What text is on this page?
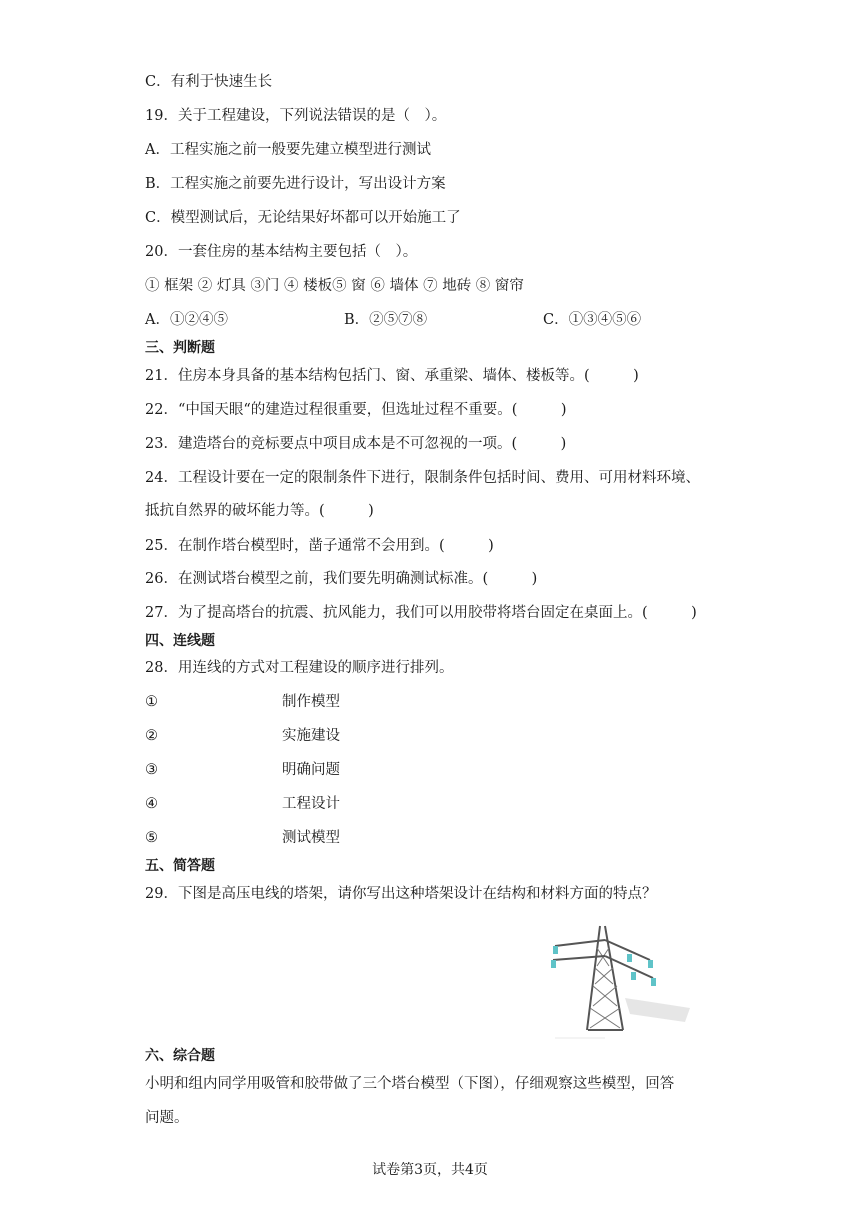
C．有利于快速生长
19．关于工程建设，下列说法错误的是（　）。
A．工程实施之前一般要先建立模型进行测试
B．工程实施之前要先进行设计，写出设计方案
C．模型测试后，无论结果好坏都可以开始施工了
20．一套住房的基本结构主要包括（　）。
① 框架 ② 灯具 ③门 ④ 楼板⑤ 窗 ⑥ 墙体 ⑦ 地砖 ⑧ 窗帘
A．①②④⑤	B．②⑤⑦⑧	C．①③④⑤⑥
三、判断题
21．住房本身具备的基本结构包括门、窗、承重梁、墙体、楼板等。(　　　)
22．“中国天眼“的建造过程很重要，但选址过程不重要。(　　　)
23．建造塔台的竞标要点中项目成本是不可忽视的一项。(　　　)
24．工程设计要在一定的限制条件下进行，限制条件包括时间、费用、可用材料环境、
抵抗自然界的破坏能力等。(　　　)
25．在制作塔台模型时，凿子通常不会用到。(　　　)
26．在测试塔台模型之前，我们要先明确测试标准。(　　　)
27．为了提高塔台的抗震、抗风能力，我们可以用胶带将塔台固定在桌面上。(　　　)
四、连线题
28．用连线的方式对工程建设的顺序进行排列。
①
②
③
④
⑤
制作模型
实施建设
明确问题
工程设计
测试模型
五、简答题
29．下图是高压电线的塔架，请你写出这种塔架设计在结构和材料方面的特点？
六、综合题
小明和组内同学用吸管和胶带做了三个塔台模型（下图），仔细观察这些模型，回答
问题。
试卷第3页，共4页
